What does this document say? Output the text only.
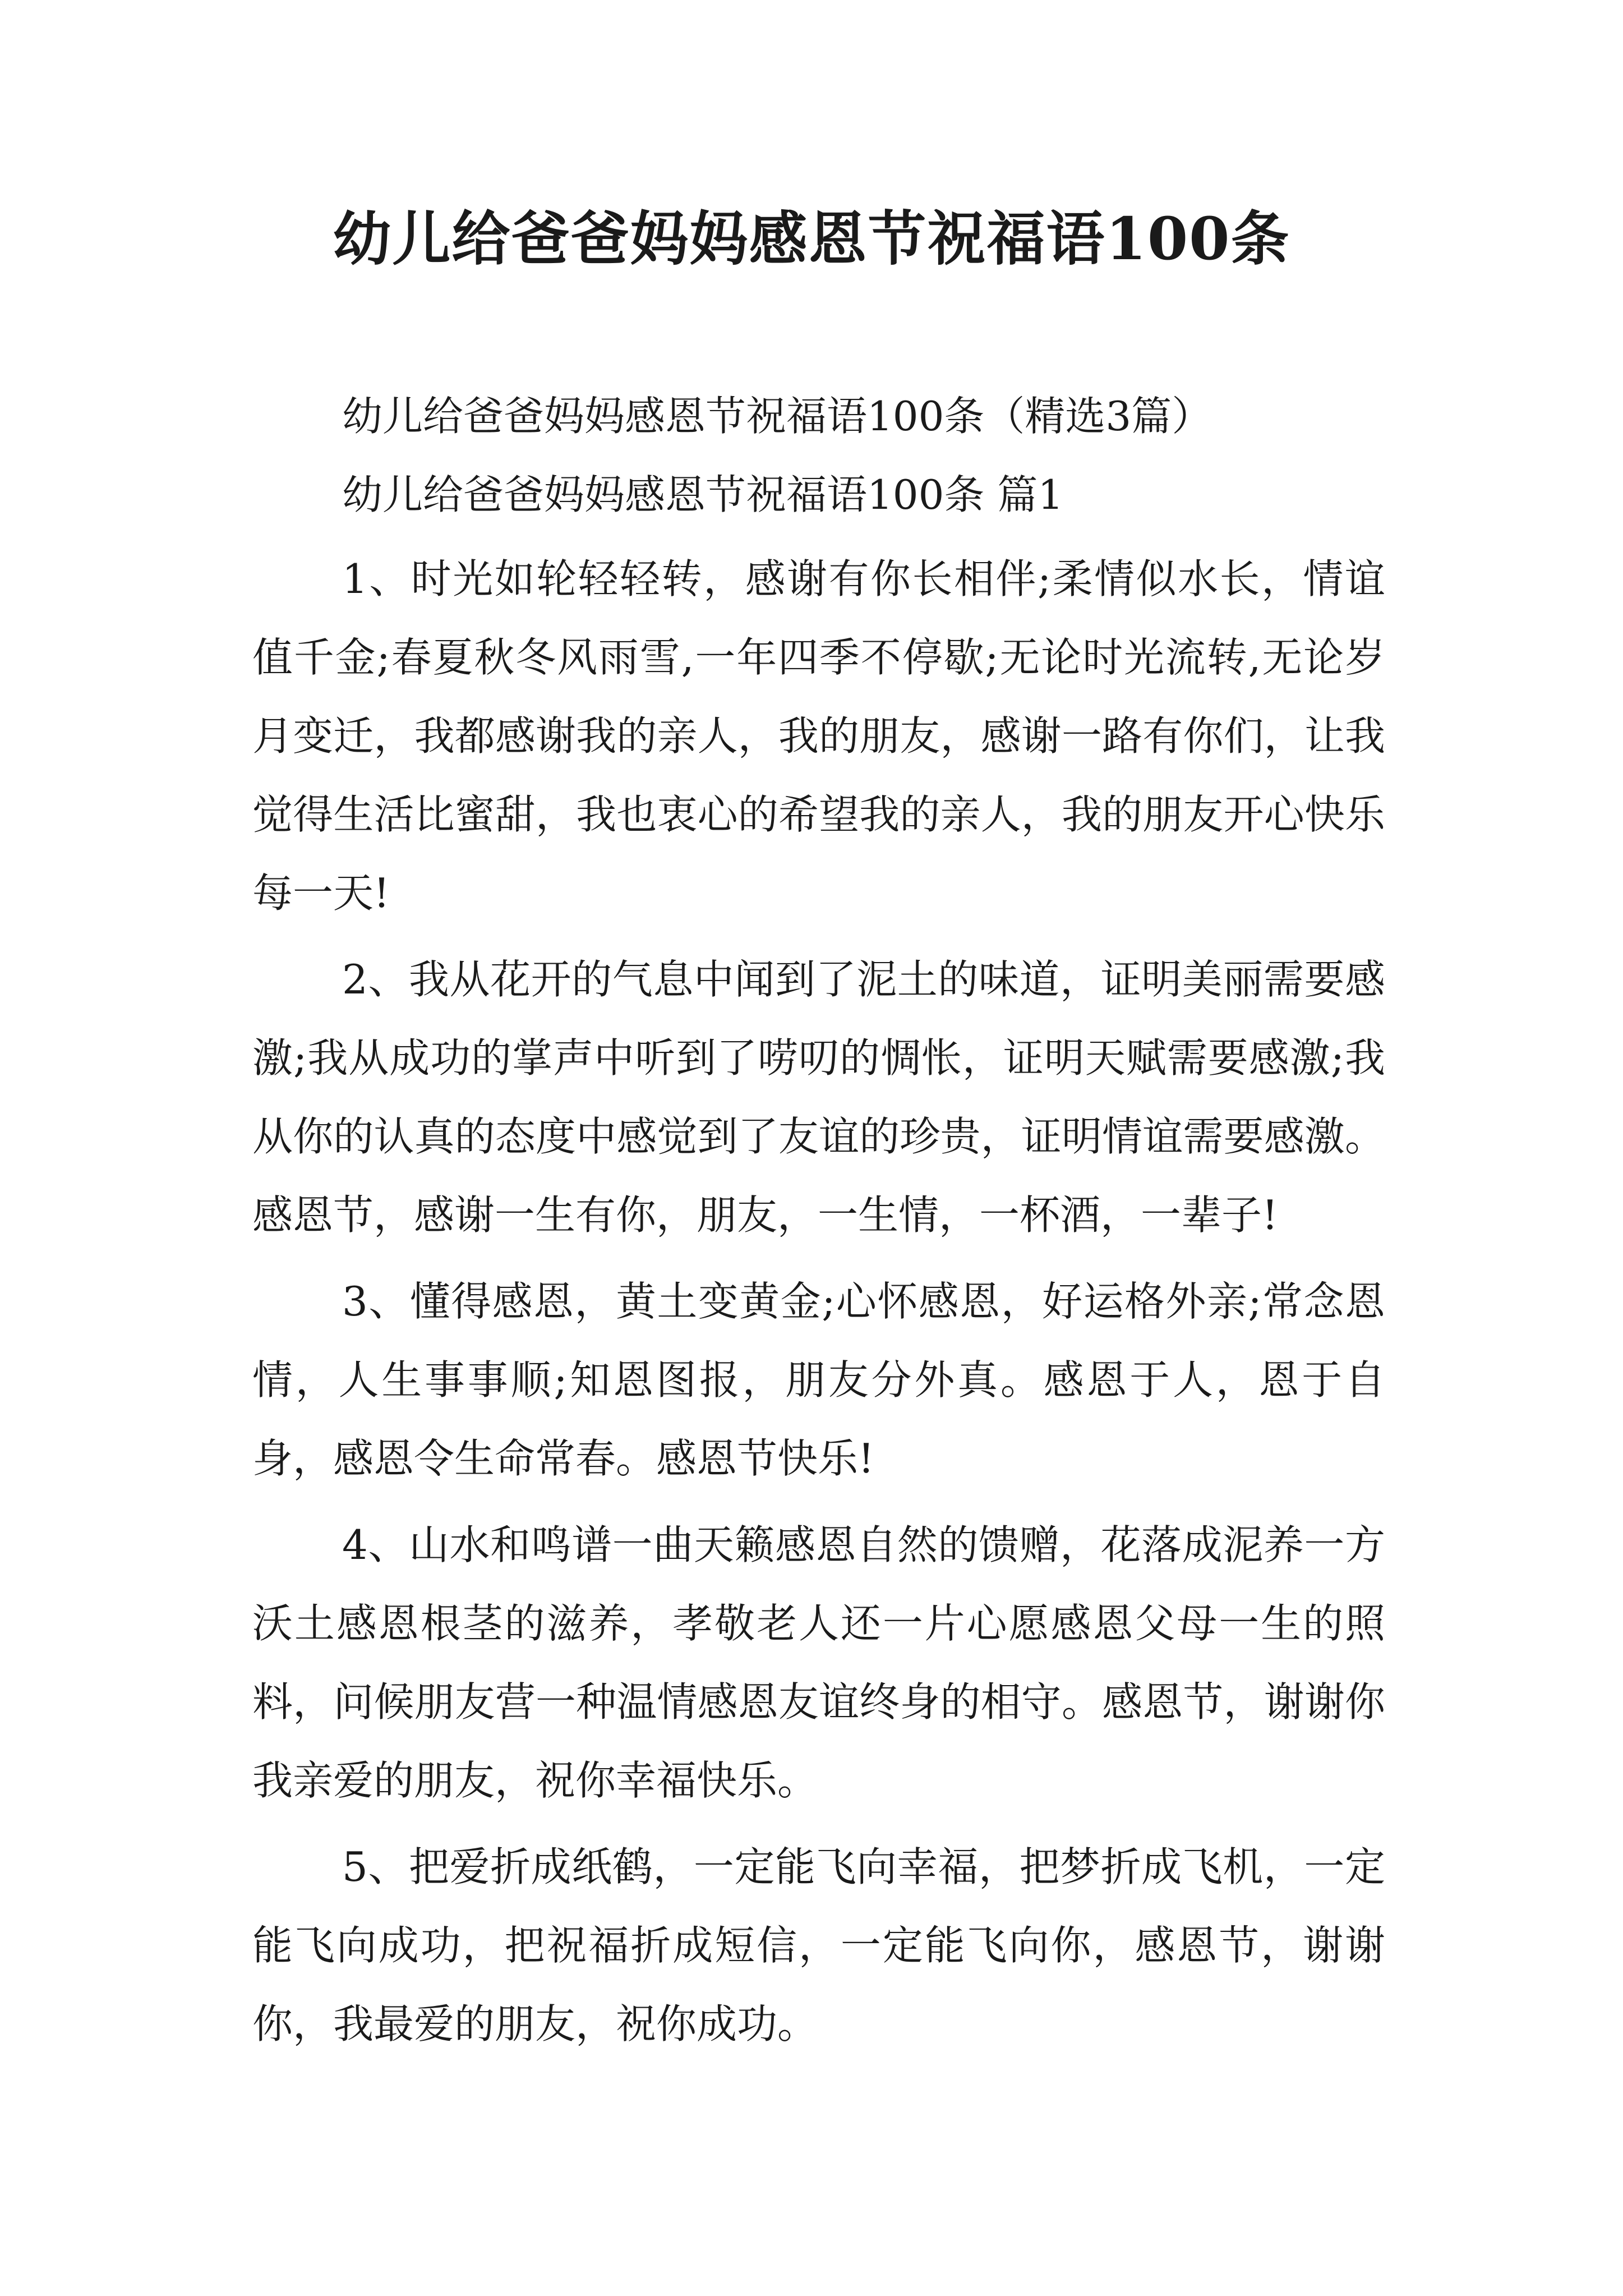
幼儿给爸爸妈妈感恩节祝福语100条

幼儿给爸爸妈妈感恩节祝福语100条（精选3篇）

幼儿给爸爸妈妈感恩节祝福语100条 篇1

1、时光如轮轻轻转，感谢有你长相伴;柔情似水长，情谊值千金;春夏秋冬风雨雪,一年四季不停歇;无论时光流转,无论岁月变迁，我都感谢我的亲人，我的朋友，感谢一路有你们，让我觉得生活比蜜甜，我也衷心的希望我的亲人，我的朋友开心快乐每一天!

2、我从花开的气息中闻到了泥土的味道，证明美丽需要感激;我从成功的掌声中听到了唠叨的惆怅，证明天赋需要感激;我从你的认真的态度中感觉到了友谊的珍贵，证明情谊需要感激。感恩节，感谢一生有你，朋友，一生情，一杯酒，一辈子!

3、懂得感恩，黄土变黄金;心怀感恩，好运格外亲;常念恩情，人生事事顺;知恩图报，朋友分外真。感恩于人，恩于自身，感恩令生命常春。感恩节快乐!

4、山水和鸣谱一曲天籁感恩自然的馈赠，花落成泥养一方沃土感恩根茎的滋养，孝敬老人还一片心愿感恩父母一生的照料，问候朋友营一种温情感恩友谊终身的相守。感恩节，谢谢你我亲爱的朋友，祝你幸福快乐。

5、把爱折成纸鹤，一定能飞向幸福，把梦折成飞机，一定能飞向成功，把祝福折成短信，一定能飞向你，感恩节，谢谢你，我最爱的朋友，祝你成功。
